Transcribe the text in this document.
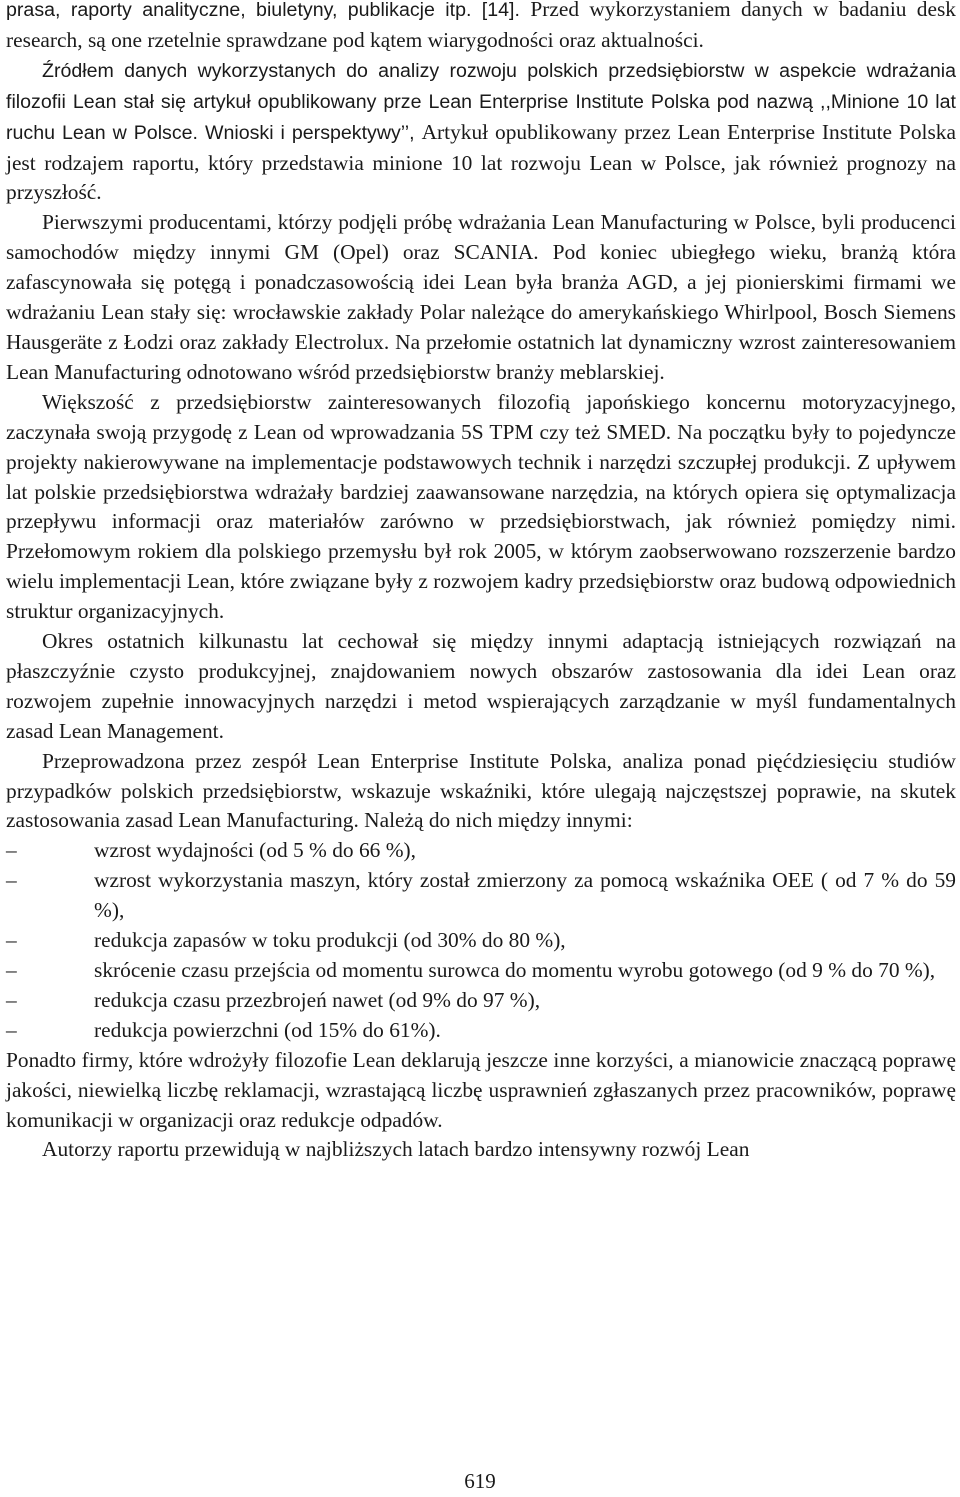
prasa, raporty analityczne, biuletyny, publikacje itp. [14]. Przed wykorzystaniem danych w badaniu desk research, są one rzetelnie sprawdzane pod kątem wiarygodności oraz aktualności.

Źródłem danych wykorzystanych do analizy rozwoju polskich przedsiębiorstw w aspekcie wdrażania filozofii Lean stał się artykuł opublikowany prze Lean Enterprise Institute Polska pod nazwą ,,Minione 10 lat ruchu Lean w Polsce. Wnioski i perspektywy’’, Artykuł opublikowany przez Lean Enterprise Institute Polska jest rodzajem raportu, który przedstawia minione 10 lat rozwoju Lean w Polsce, jak również prognozy na przyszłość.

Pierwszymi producentami, którzy podjęli próbę wdrażania Lean Manufacturing w Polsce, byli producenci samochodów między innymi GM (Opel) oraz SCANIA. Pod koniec ubiegłego wieku, branżą która zafascynowała się potęgą i ponadczasowością idei Lean była branża AGD, a jej pionierskimi firmami we wdrażaniu Lean stały się: wrocławskie zakłady Polar należące do amerykańskiego Whirlpool, Bosch Siemens Hausgeräte z Łodzi oraz zakłady Electrolux. Na przełomie ostatnich lat dynamiczny wzrost zainteresowaniem Lean Manufacturing odnotowano wśród przedsiębiorstw branży meblarskiej.

Większość z przedsiębiorstw zainteresowanych filozofią japońskiego koncernu motoryzacyjnego, zaczynała swoją przygodę z Lean od wprowadzania 5S TPM czy też SMED. Na początku były to pojedyncze projekty nakierowywane na implementacje podstawowych technik i narzędzi szczupłej produkcji. Z upływem lat polskie przedsiębiorstwa wdrażały bardziej zaawansowane narzędzia, na których opiera się optymalizacja przepływu informacji oraz materiałów zarówno w przedsiębiorstwach, jak również pomiędzy nimi. Przełomowym rokiem dla polskiego przemysłu był rok 2005, w którym zaobserwowano rozszerzenie bardzo wielu implementacji Lean, które związane były z rozwojem kadry przedsiębiorstw oraz budową odpowiednich struktur organizacyjnych.

Okres ostatnich kilkunastu lat cechował się między innymi adaptacją istniejących rozwiązań na płaszczyźnie czysto produkcyjnej, znajdowaniem nowych obszarów zastosowania dla idei Lean oraz rozwojem zupełnie innowacyjnych narzędzi i metod wspierających zarządzanie w myśl fundamentalnych zasad Lean Management.

Przeprowadzona przez zespół Lean Enterprise Institute Polska, analiza ponad pięćdziesięciu studiów przypadków polskich przedsiębiorstw, wskazuje wskaźniki, które ulegają najczęstszej poprawie, na skutek zastosowania zasad Lean Manufacturing. Należą do nich między innymi:

–	wzrost wydajności (od 5 % do 66 %),
–	wzrost wykorzystania maszyn, który został zmierzony za pomocą wskaźnika OEE ( od 7 % do 59 %),
–	redukcja zapasów w toku produkcji (od 30% do 80 %),
–	skrócenie czasu przejścia od momentu surowca do momentu wyrobu gotowego (od 9 % do 70 %),
–	redukcja czasu przezbrojeń nawet (od 9% do 97 %),
–	redukcja powierzchni (od 15% do 61%).

Ponadto firmy, które wdrożyły filozofie Lean deklarują jeszcze inne korzyści, a mianowicie znaczącą poprawę jakości, niewielką liczbę reklamacji, wzrastającą liczbę usprawnień zgłaszanych przez pracowników, poprawę komunikacji w organizacji oraz redukcje odpadów.

Autorzy raportu przewidują w najbliższych latach bardzo intensywny rozwój Lean

619
